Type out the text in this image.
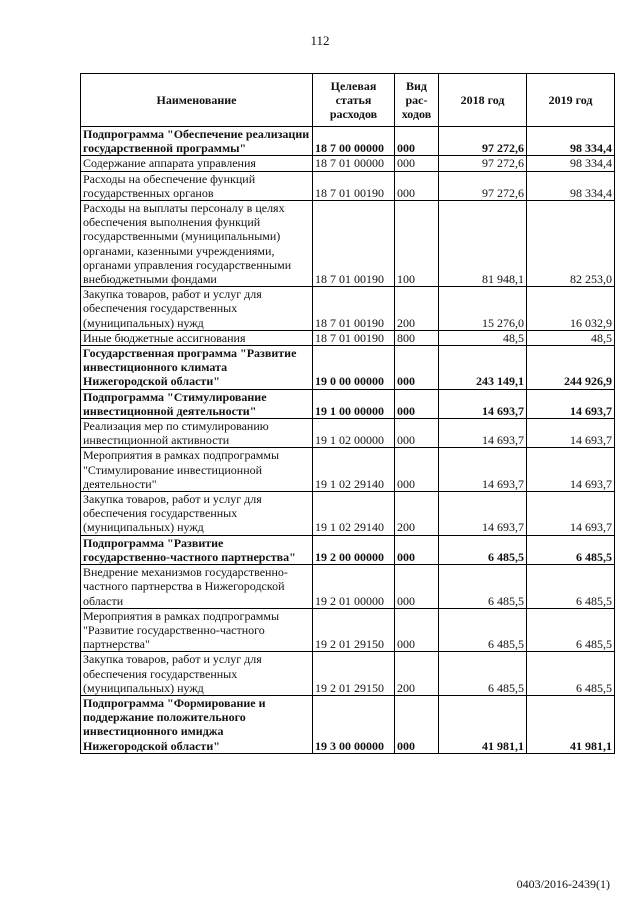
112
Наименование	Целевая статья расходов	Вид рас-ходов	2018 год	2019 год
Подпрограмма "Обеспечение реализации государственной программы"	18 7 00 00000	000	97 272,6	98 334,4
Содержание аппарата управления	18 7 01 00000	000	97 272,6	98 334,4
Расходы на обеспечение функций государственных органов	18 7 01 00190	000	97 272,6	98 334,4
Расходы на выплаты персоналу в целях обеспечения выполнения функций государственными (муниципальными) органами, казенными учреждениями, органами управления государственными внебюджетными фондами	18 7 01 00190	100	81 948,1	82 253,0
Закупка товаров, работ и услуг для обеспечения государственных (муниципальных) нужд	18 7 01 00190	200	15 276,0	16 032,9
Иные бюджетные ассигнования	18 7 01 00190	800	48,5	48,5
Государственная программа "Развитие инвестиционного климата Нижегородской области"	19 0 00 00000	000	243 149,1	244 926,9
Подпрограмма "Стимулирование инвестиционной деятельности"	19 1 00 00000	000	14 693,7	14 693,7
Реализация мер по стимулированию инвестиционной активности	19 1 02 00000	000	14 693,7	14 693,7
Мероприятия в рамках подпрограммы "Стимулирование инвестиционной деятельности"	19 1 02 29140	000	14 693,7	14 693,7
Закупка товаров, работ и услуг для обеспечения государственных (муниципальных) нужд	19 1 02 29140	200	14 693,7	14 693,7
Подпрограмма "Развитие государственно-частного партнерства"	19 2 00 00000	000	6 485,5	6 485,5
Внедрение механизмов государственно-частного партнерства в Нижегородской области	19 2 01 00000	000	6 485,5	6 485,5
Мероприятия в рамках подпрограммы "Развитие государственно-частного партнерства"	19 2 01 29150	000	6 485,5	6 485,5
Закупка товаров, работ и услуг для обеспечения государственных (муниципальных) нужд	19 2 01 29150	200	6 485,5	6 485,5
Подпрограмма "Формирование и поддержание положительного инвестиционного имиджа Нижегородской области"	19 3 00 00000	000	41 981,1	41 981,1
0403/2016-2439(1)
